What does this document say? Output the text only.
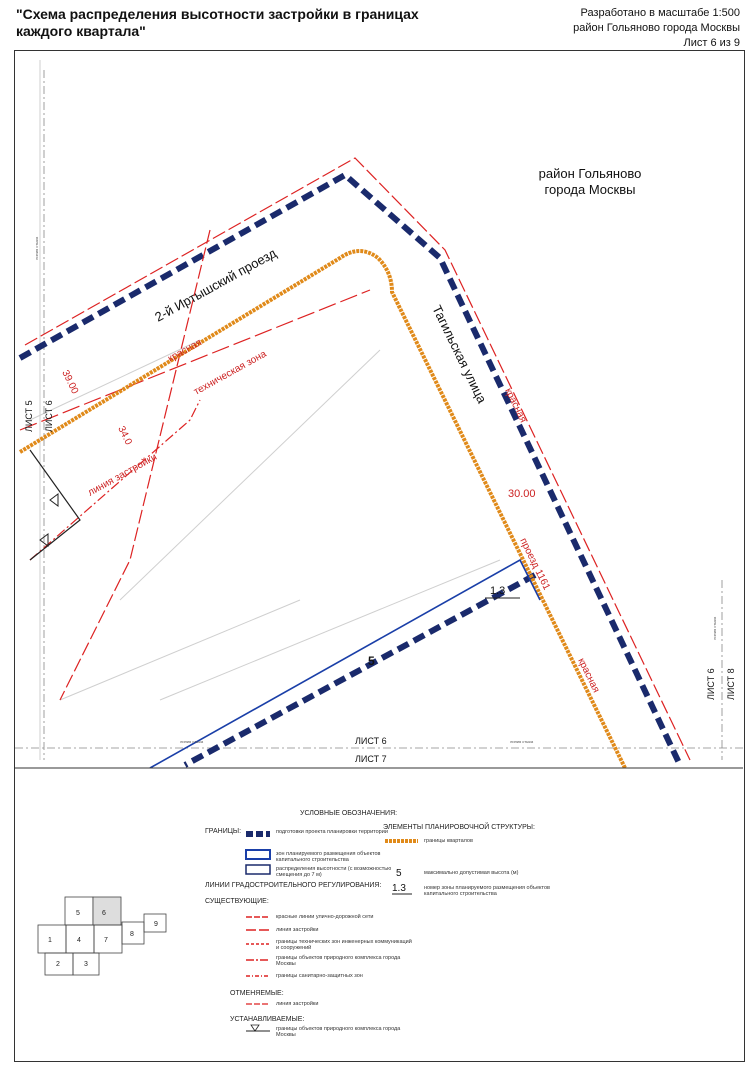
"Схема распределения высотности застройки в границах каждого квартала"
Разработано в масштабе 1:500
район Гольяново города Москвы
Лист 6 из 9
район Гольяново
города Москвы
2-й Иртышский проезд
Тагильская улица
проезд 1161
красная
красная
красная
техническая зона
линия застройки
39.00
34.0
30.00
5
1.3
ЛИСТ 5 ЛИСТ 6
ЛИСТ 6 ЛИСТ 8
ЛИСТ 6
ЛИСТ 7
линия стыка
линия стыка
линия стыка
линия стыка
5	6
1	4	7
8
9
2	3
5
1.3
УСЛОВНЫЕ ОБОЗНАЧЕНИЯ:
ГРАНИЦЫ:	подготовки проекта планировки территории
зон планируемого размещения объектов капитального строительства
распределения высотности (с возможностью смещения до 7 м)
ЭЛЕМЕНТЫ ПЛАНИРОВОЧНОЙ СТРУКТУРЫ:
границы кварталов
максимально допустимая высота (м)
номер зоны планируемого размещения объектов капитального строительства
ЛИНИИ ГРАДОСТРОИТЕЛЬНОГО РЕГУЛИРОВАНИЯ:
СУЩЕСТВУЮЩИЕ:
красные линии улично-дорожной сети
линия застройки
границы технических зон инженерных коммуникаций и сооружений
границы объектов природного комплекса города Москвы
границы санитарно-защитных зон
ОТМЕНЯЕМЫЕ:
линия застройки
УСТАНАВЛИВАЕМЫЕ:
границы объектов природного комплекса города Москвы
